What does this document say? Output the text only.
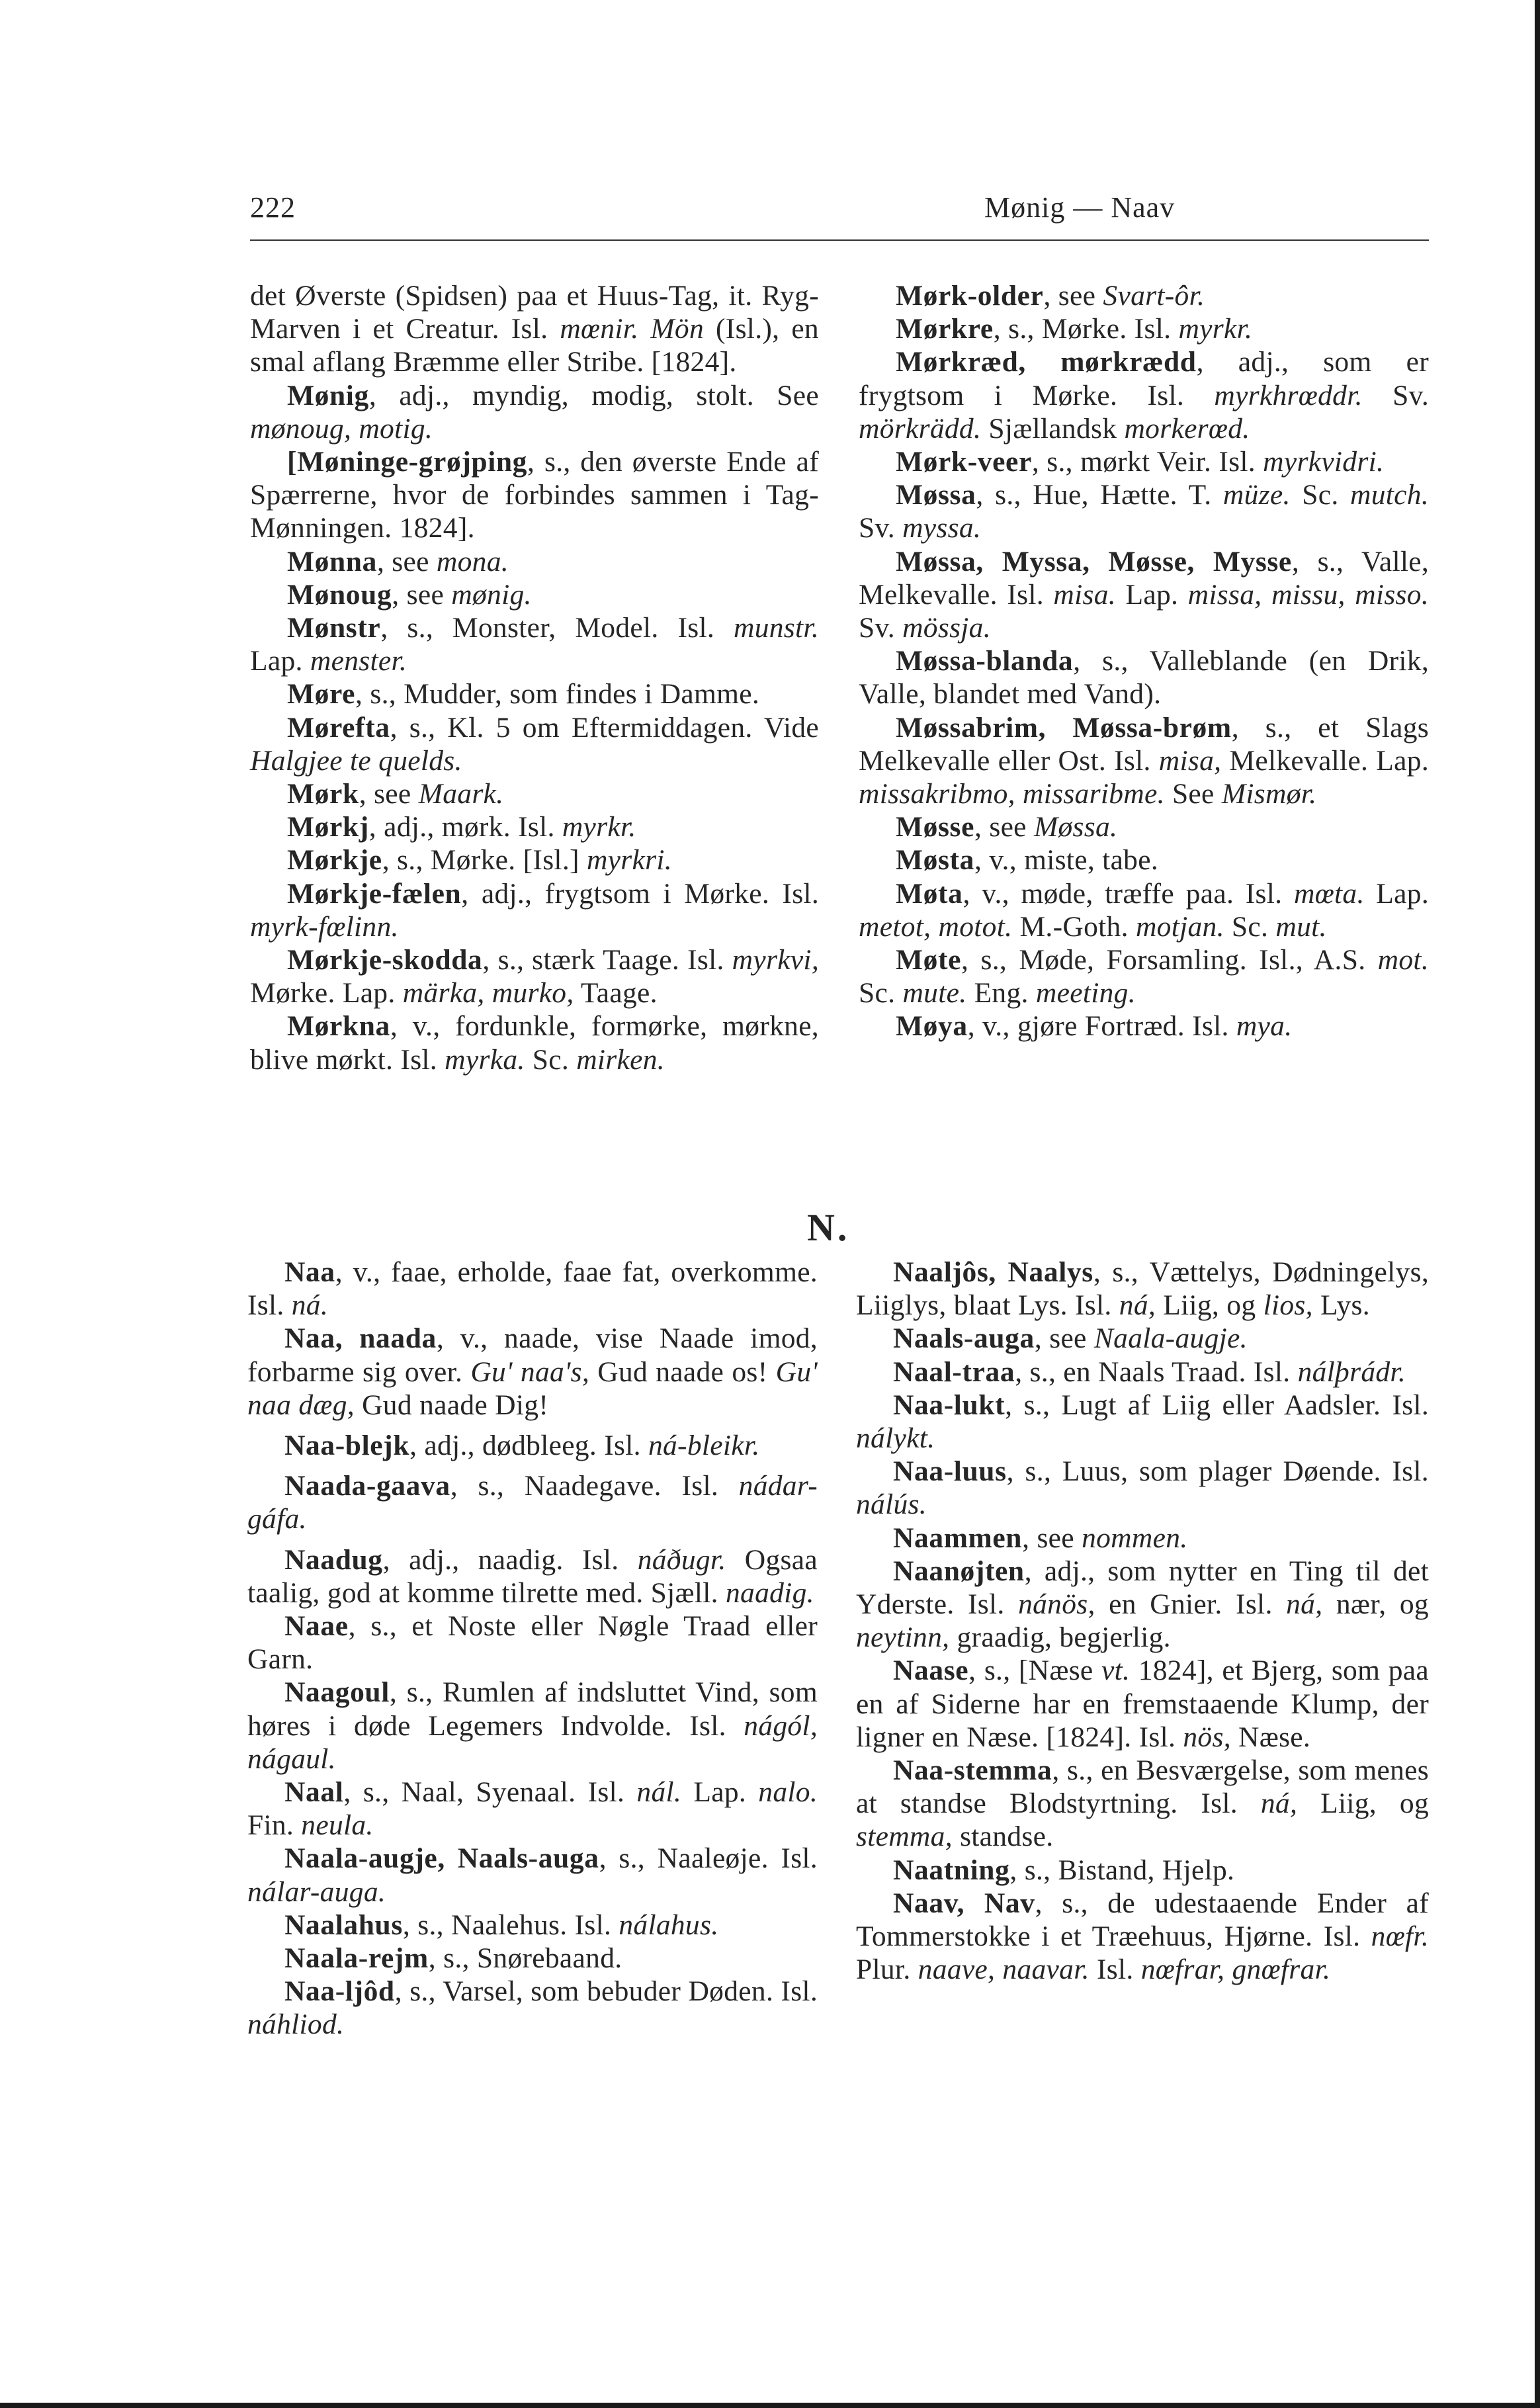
222	Mønig — Naav

det Øverste (Spidsen) paa et Huus-Tag, it. Ryg-Marven i et Creatur. Isl. mœnir. Mön (Isl.), en smal aflang Bræmme eller Stribe. [1824].

Mønig, adj., myndig, modig, stolt. See mønoug, motig.

[Møninge-grøjping, s., den øverste Ende af Spærrerne, hvor de forbindes sammen i Tag-Mønningen. 1824].

Mønna, see mona.

Mønoug, see mønig.

Mønstr, s., Monster, Model. Isl. munstr. Lap. menster.

Møre, s., Mudder, som findes i Damme.

Mørefta, s., Kl. 5 om Eftermiddagen. Vide Halgjee te quelds.

Mørk, see Maark.

Mørkj, adj., mørk. Isl. myrkr.

Mørkje, s., Mørke. [Isl.] myrkri.

Mørkje-fælen, adj., frygtsom i Mørke. Isl. myrk-fœlinn.

Mørkje-skodda, s., stærk Taage. Isl. myrkvi, Mørke. Lap. märka, murko, Taage.

Mørkna, v., fordunkle, formørke, mørkne, blive mørkt. Isl. myrka. Sc. mirken.

Mørk-older, see Svart-ôr.

Mørkre, s., Mørke. Isl. myrkr.

Mørkræd, mørkrædd, adj., som er frygtsom i Mørke. Isl. myrkhrœddr. Sv. mörkrädd. Sjællandsk morkerœd.

Mørk-veer, s., mørkt Veir. Isl. myrkvidri.

Møssa, s., Hue, Hætte. T. müze. Sc. mutch. Sv. myssa.

Møssa, Myssa, Møsse, Mysse, s., Valle, Melkevalle. Isl. misa. Lap. missa, missu, misso. Sv. mössja.

Møssa-blanda, s., Valleblande (en Drik, Valle, blandet med Vand).

Møssabrim, Møssa-brøm, s., et Slags Melkevalle eller Ost. Isl. misa, Melkevalle. Lap. missakribmo, missaribme. See Mismør.

Møsse, see Møssa.

Møsta, v., miste, tabe.

Møta, v., møde, træffe paa. Isl. mœta. Lap. metot, motot. M.-Goth. motjan. Sc. mut.

Møte, s., Møde, Forsamling. Isl., A.S. mot. Sc. mute. Eng. meeting.

Møya, v., gjøre Fortræd. Isl. mya.

N.

Naa, v., faae, erholde, faae fat, overkomme. Isl. ná.

Naa, naada, v., naade, vise Naade imod, forbarme sig over. Gu' naa's, Gud naade os! Gu' naa dæg, Gud naade Dig!

Naa-blejk, adj., dødbleeg. Isl. ná-bleikr.

Naada-gaava, s., Naadegave. Isl. nádar-gáfa.

Naadug, adj., naadig. Isl. náðugr. Ogsaa taalig, god at komme tilrette med. Sjæll. naadig.

Naae, s., et Noste eller Nøgle Traad eller Garn.

Naagoul, s., Rumlen af indsluttet Vind, som høres i døde Legemers Indvolde. Isl. nágól, nágaul.

Naal, s., Naal, Syenaal. Isl. nál. Lap. nalo. Fin. neula.

Naala-augje, Naals-auga, s., Naaleøje. Isl. nálar-auga.

Naalahus, s., Naalehus. Isl. nálahus.

Naala-rejm, s., Snørebaand.

Naa-ljôd, s., Varsel, som bebuder Døden. Isl. náhliod.

Naaljôs, Naalys, s., Vættelys, Dødningelys, Liiglys, blaat Lys. Isl. ná, Liig, og lios, Lys.

Naals-auga, see Naala-augje.

Naal-traa, s., en Naals Traad. Isl. nálþrádr.

Naa-lukt, s., Lugt af Liig eller Aadsler. Isl. nálykt.

Naa-luus, s., Luus, som plager Døende. Isl. nálús.

Naammen, see nommen.

Naanøjten, adj., som nytter en Ting til det Yderste. Isl. nánös, en Gnier. Isl. ná, nær, og neytinn, graadig, begjerlig.

Naase, s., [Næse vt. 1824], et Bjerg, som paa en af Siderne har en fremstaaende Klump, der ligner en Næse. [1824]. Isl. nös, Næse.

Naa-stemma, s., en Besværgelse, som menes at standse Blodstyrtning. Isl. ná, Liig, og stemma, standse.

Naatning, s., Bistand, Hjelp.

Naav, Nav, s., de udestaaende Ender af Tommerstokke i et Træehuus, Hjørne. Isl. nœfr. Plur. naave, naavar. Isl. nœfrar, gnœfrar.
